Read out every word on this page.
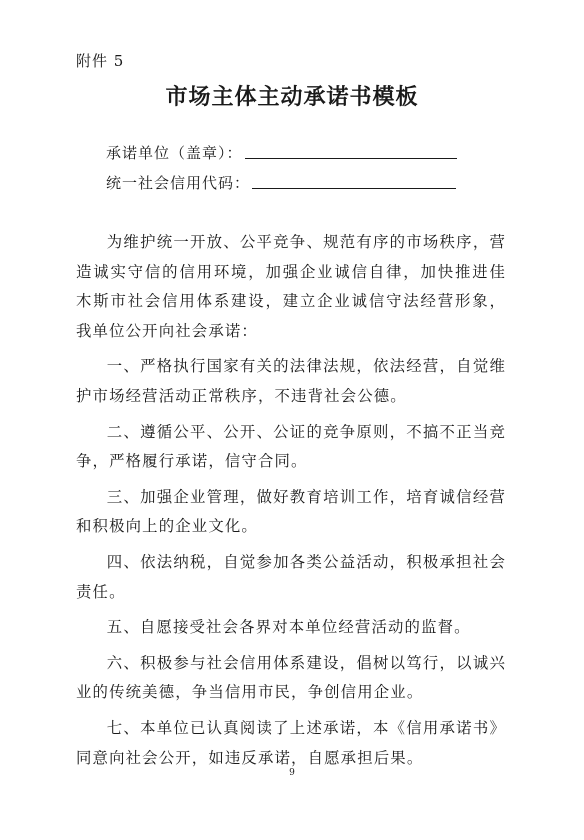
附件 5
市场主体主动承诺书模板
承诺单位（盖章）：
统一社会信用代码：

为维护统一开放、公平竞争、规范有序的市场秩序，营造诚实守信的信用环境，加强企业诚信自律，加快推进佳木斯市社会信用体系建设，建立企业诚信守法经营形象，我单位公开向社会承诺：

一、严格执行国家有关的法律法规，依法经营，自觉维护市场经营活动正常秩序，不违背社会公德。

二、遵循公平、公开、公证的竞争原则，不搞不正当竞争，严格履行承诺，信守合同。

三、加强企业管理，做好教育培训工作，培育诚信经营和积极向上的企业文化。

四、依法纳税，自觉参加各类公益活动，积极承担社会责任。

五、自愿接受社会各界对本单位经营活动的监督。

六、积极参与社会信用体系建设，倡树以笃行，以诚兴业的传统美德，争当信用市民，争创信用企业。

七、本单位已认真阅读了上述承诺，本《信用承诺书》同意向社会公开，如违反承诺，自愿承担后果。

9
